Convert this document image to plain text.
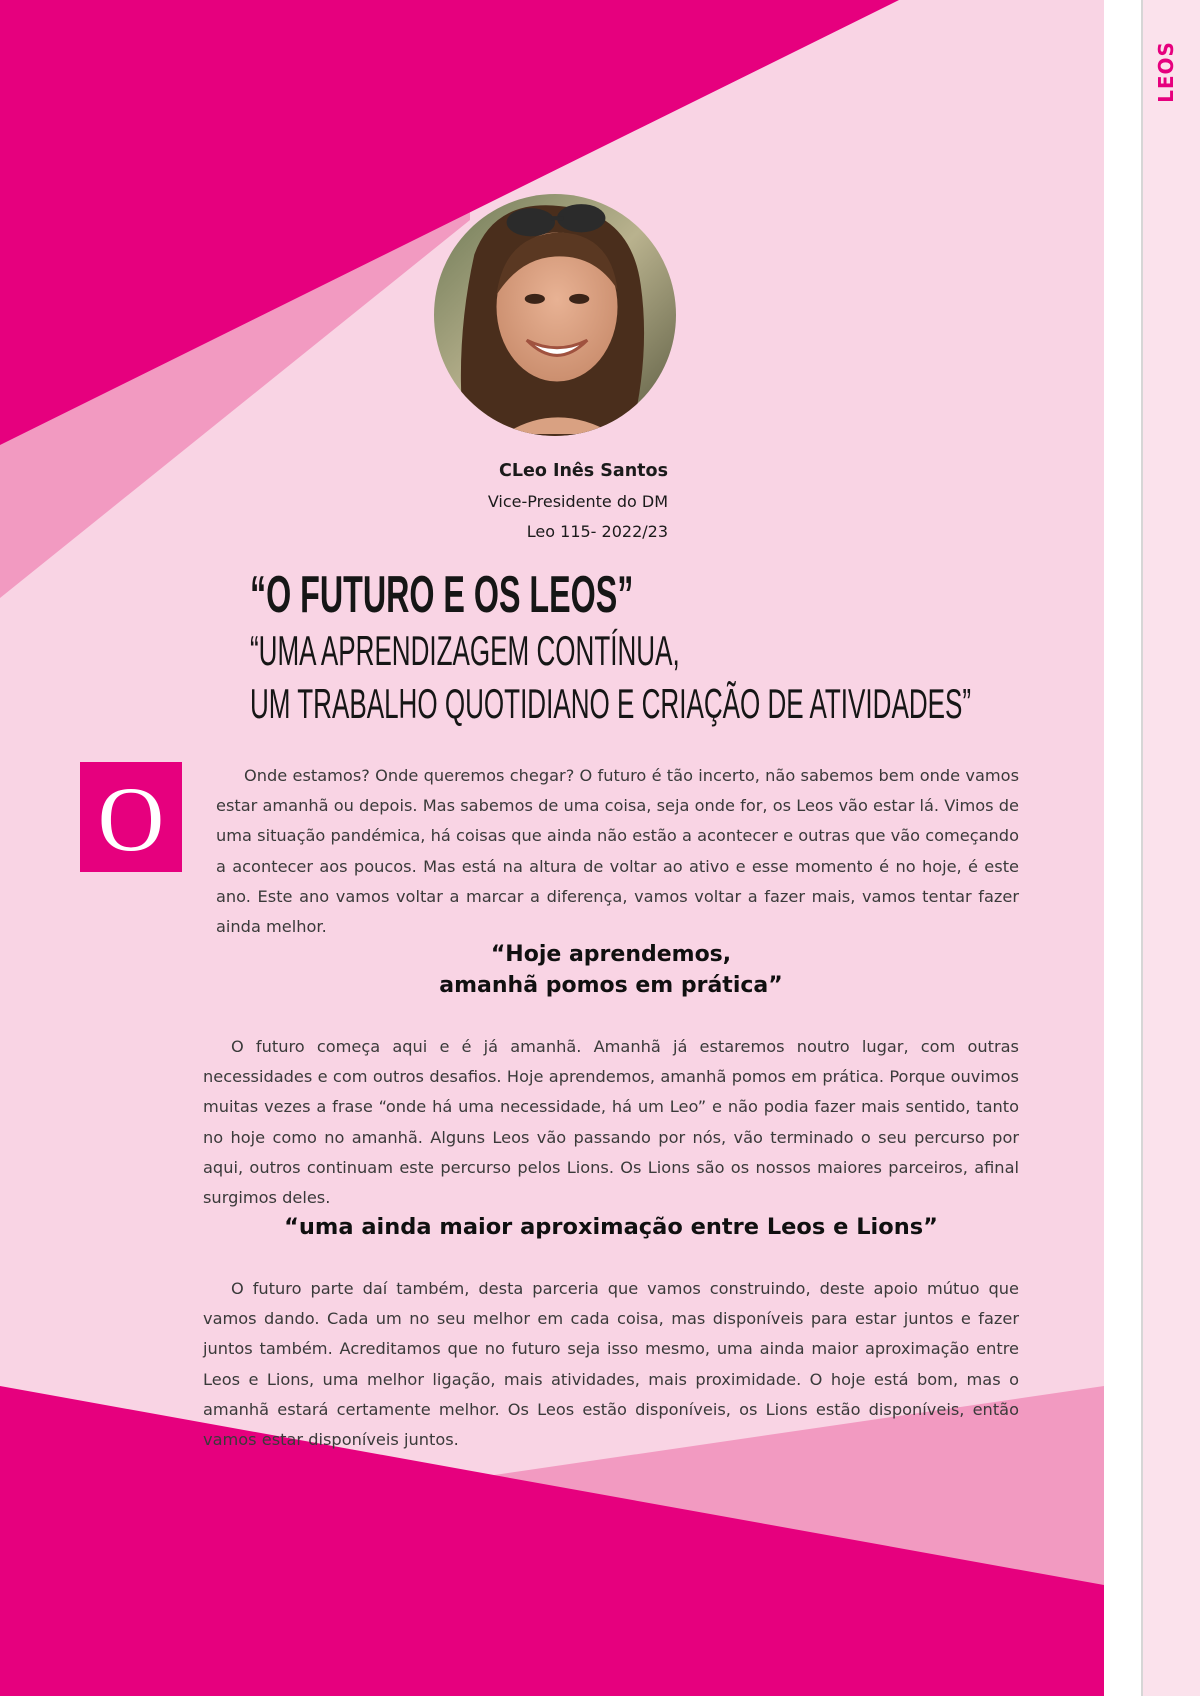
LEOS
CLeo Inês Santos
Vice-Presidente do DM
Leo 115- 2022/23
“O FUTURO E OS LEOS”
“UMA APRENDIZAGEM CONTÍNUA,
UM TRABALHO QUOTIDIANO E CRIAÇÃO DE ATIVIDADES”
O	Onde estamos? Onde queremos chegar? O futuro é tão incerto, não sabemos bem onde vamos estar amanhã ou depois. Mas sabemos de uma coisa, seja onde for, os Leos vão estar lá. Vimos de uma situação pandémica, há coisas que ainda não estão a acontecer e outras que vão começando a acontecer aos poucos. Mas está na altura de voltar ao ativo e esse momento é no hoje, é este ano. Este ano vamos voltar a marcar a diferença, vamos voltar a fazer mais, vamos tentar fazer ainda melhor.

“Hoje aprendemos,
amanhã pomos em prática”

O futuro começa aqui e é já amanhã. Amanhã já estaremos noutro lugar, com outras necessidades e com outros desafios. Hoje aprendemos, amanhã pomos em prática. Porque ouvimos muitas vezes a frase “onde há uma necessidade, há um Leo” e não podia fazer mais sentido, tanto no hoje como no amanhã. Alguns Leos vão passando por nós, vão terminado o seu percurso por aqui, outros continuam este percurso pelos Lions. Os Lions são os nossos maiores parceiros, afinal surgimos deles.

“uma ainda maior aproximação entre Leos e Lions”

O futuro parte daí também, desta parceria que vamos construindo, deste apoio mútuo que vamos dando. Cada um no seu melhor em cada coisa, mas disponíveis para estar juntos e fazer juntos também. Acreditamos que no futuro seja isso mesmo, uma ainda maior aproximação entre Leos e Lions, uma melhor ligação, mais atividades, mais proximidade. O hoje está bom, mas o amanhã estará certamente melhor. Os Leos estão disponíveis, os Lions estão disponíveis, então vamos estar disponíveis juntos.
